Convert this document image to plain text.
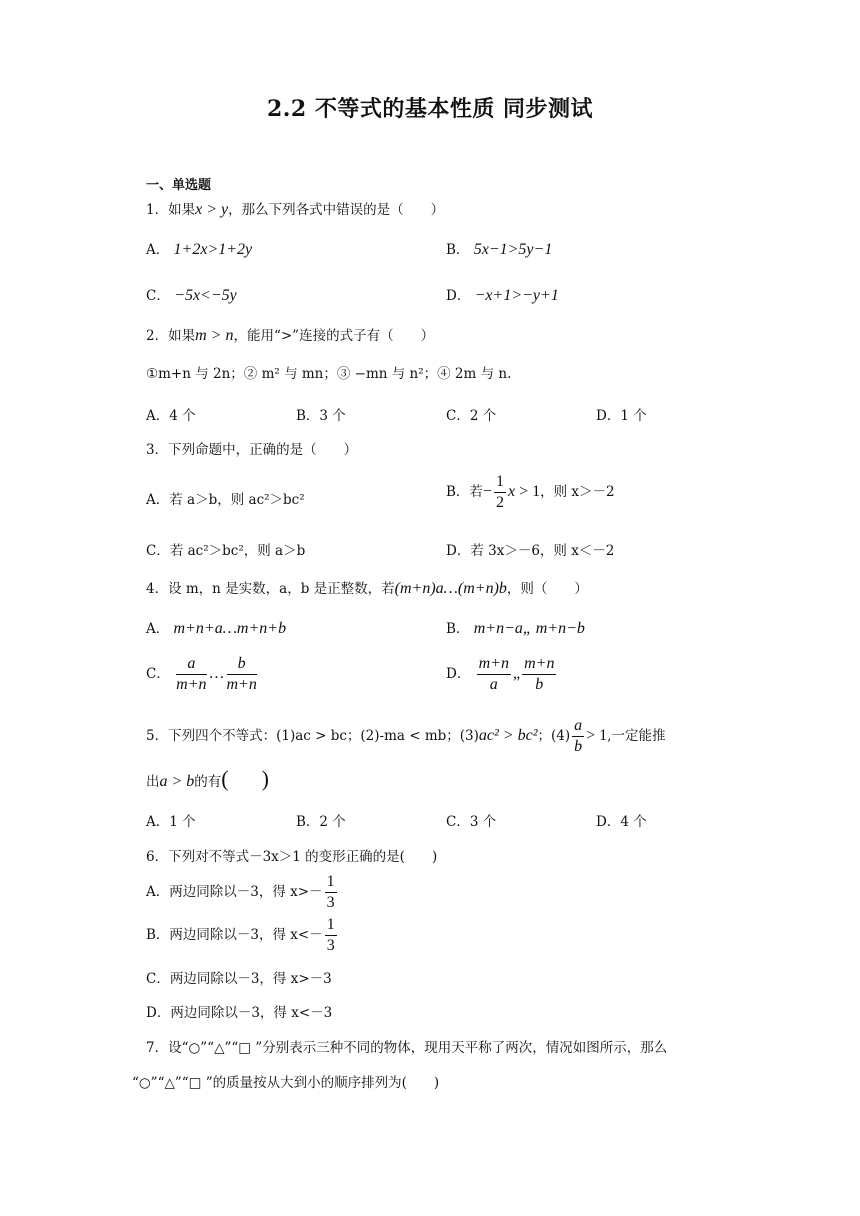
2.2 不等式的基本性质 同步测试
一、单选题
1．如果x > y，那么下列各式中错误的是（　　）
A． 1+2x>1+2y	B． 5x−1>5y−1
C． −5x<−5y	D． −x+1>−y+1
2．如果m > n，能用“>”连接的式子有（　　）
①m+n 与 2n；② m² 与 mn；③ −mn 与 n²；④ 2m 与 n.
A．4 个	B．3 个	C．2 个	D．1 个
3．下列命题中，正确的是（　　）
A．若 a＞b，则 ac²＞bc²	B．若− $\frac{1}{2}$ x > 1，则 x＞－2
C．若 ac²＞bc²，则 a＞b	D．若 3x＞－6，则 x＜－2
4．设 m，n 是实数，a，b 是正整数，若(m+n)a…(m+n)b，则（　　）
A． m+n+a…m+n+b	B． m+n−a„ m+n−b
C． $\frac{a}{m+n}$ … $\frac{b}{m+n}$	D． $\frac{m+n}{a}$ „ $\frac{m+n}{b}$
5．下列四个不等式：(1)ac > bc；(2)-ma < mb；(3)ac² > bc²；$(4) \frac{a}{b} > 1$,一定能推
出a > b的有(      )
A．1 个	B．2 个	C．3 个	D．4 个
6．下列对不等式－3x＞1 的变形正确的是(　　)
A．两边同除以－3，得 $x>- \frac{1}{3}$
B．两边同除以－3，得 $x<- \frac{1}{3}$
C．两边同除以－3，得 x>－3
D．两边同除以－3，得 x<－3
7．设“○”“△”“□ ”分别表示三种不同的物体，现用天平称了两次，情况如图所示，那么
“○”“△”“□ ”的质量按从大到小的顺序排列为(　　)
